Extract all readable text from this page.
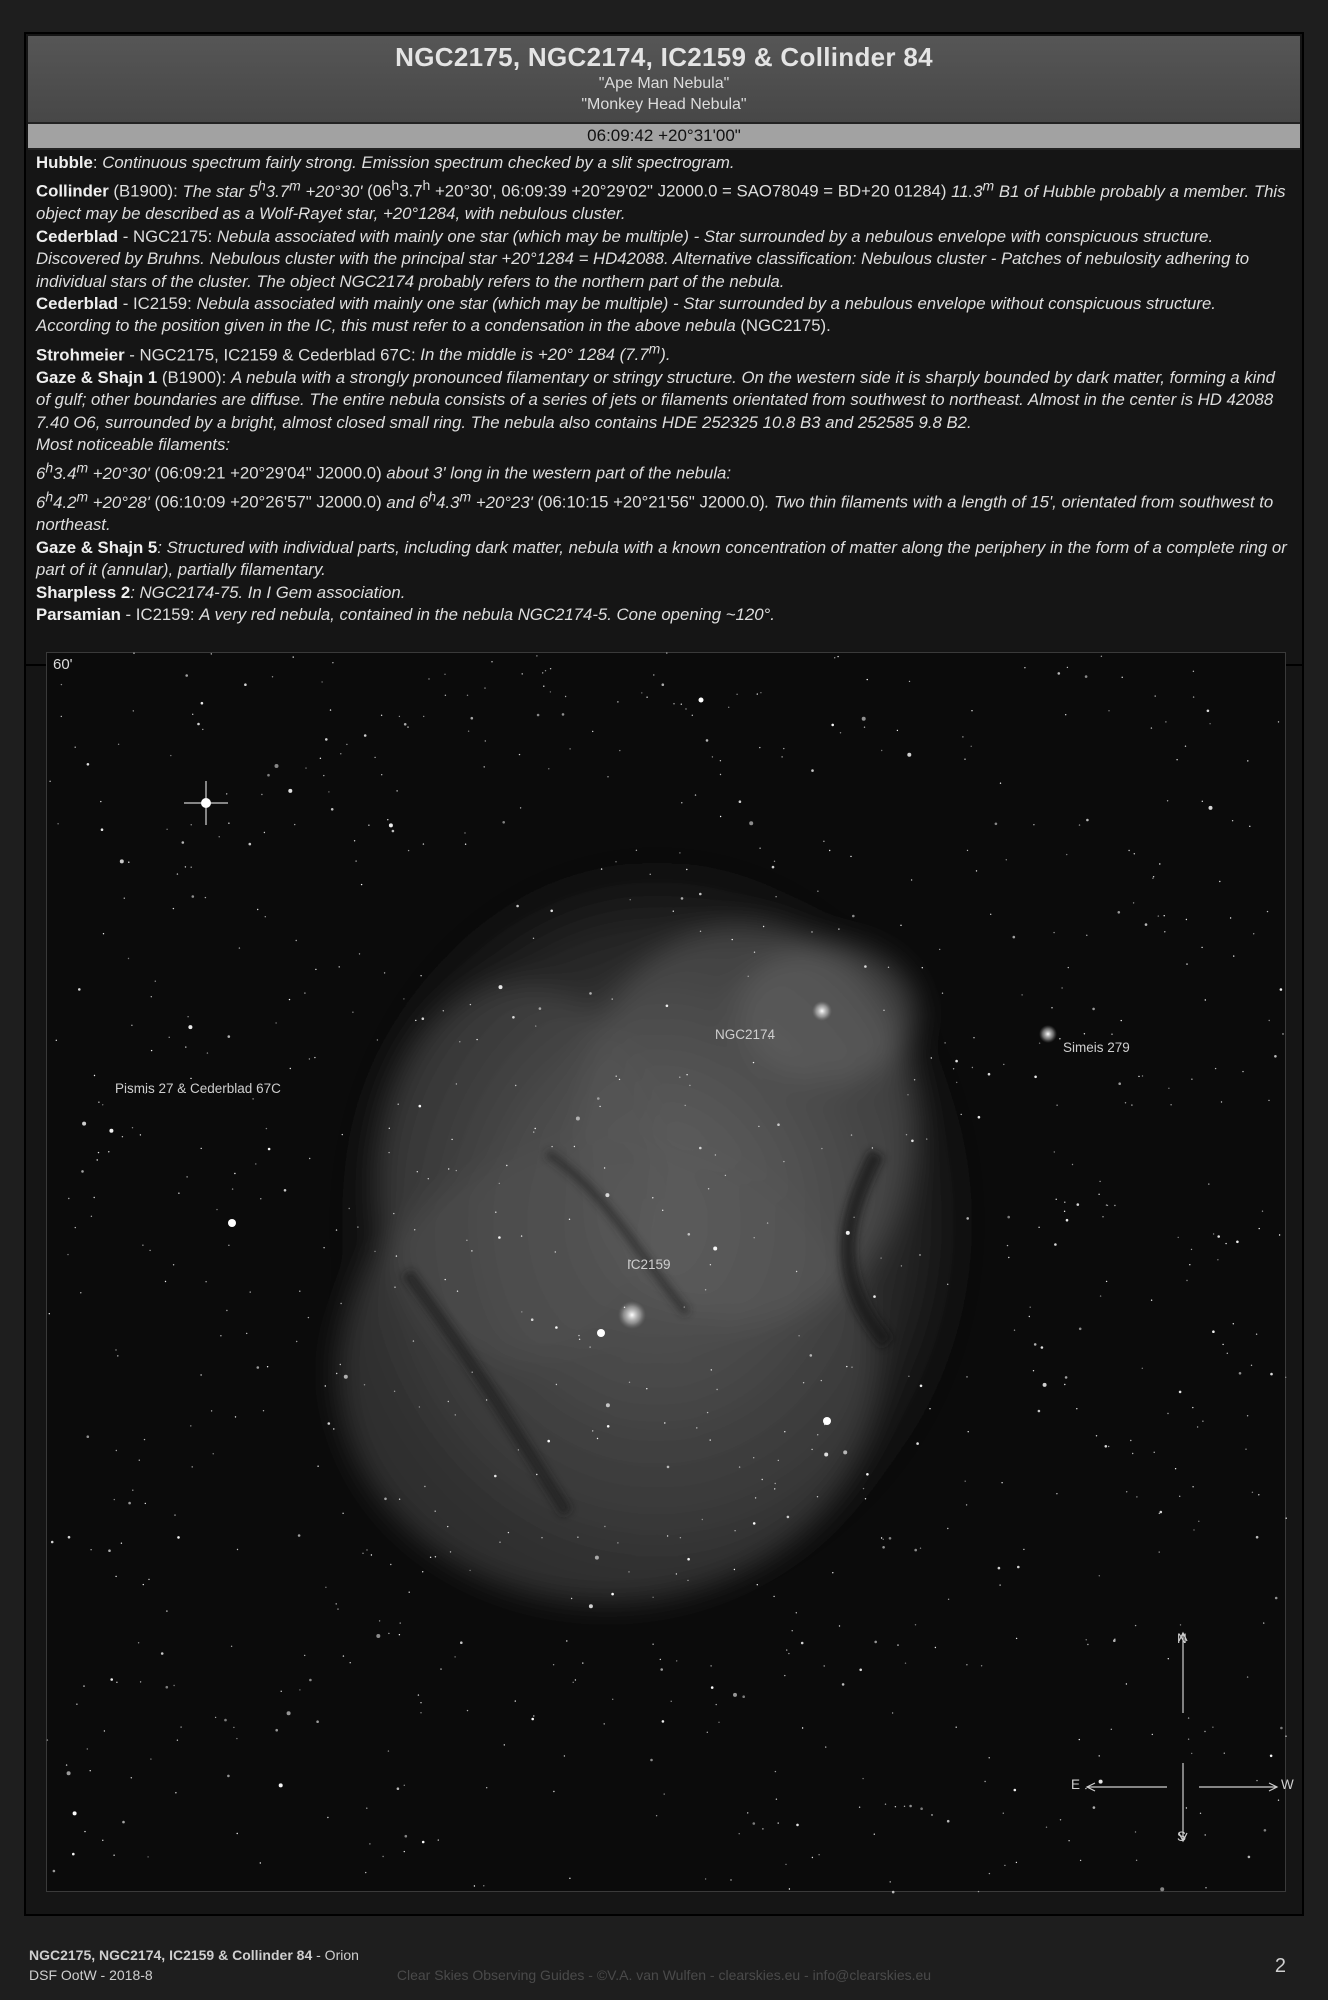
NGC2175, NGC2174, IC2159 & Collinder 84
"Ape Man Nebula"
"Monkey Head Nebula"
06:09:42 +20°31'00"

Hubble: Continuous spectrum fairly strong. Emission spectrum checked by a slit spectrogram.

Collinder (B1900): The star $5^h3.7^m +20^\circ 30'$ ($06^h3.7^h +20^\circ 30'$, 06:09:39 +20°29'02" J2000.0 = SAO78049 = BD+20 01284) 11.3$^m$ B1 of Hubble probably a member. This object may be described as a Wolf-Rayet star, +20°1284, with nebulous cluster.

Cederblad - NGC2175: Nebula associated with mainly one star (which may be multiple) - Star surrounded by a nebulous envelope with conspicuous structure. Discovered by Bruhns. Nebulous cluster with the principal star +20°1284 = HD42088. Alternative classification: Nebulous cluster - Patches of nebulosity adhering to individual stars of the cluster. The object NGC2174 probably refers to the northern part of the nebula.

Cederblad - IC2159: Nebula associated with mainly one star (which may be multiple) - Star surrounded by a nebulous envelope without conspicuous structure. According to the position given in the IC, this must refer to a condensation in the above nebula (NGC2175).

Strohmeier - NGC2175, IC2159 & Cederblad 67C: In the middle is +20° 1284 (7.7$^m$).

Gaze & Shajn 1 (B1900): A nebula with a strongly pronounced filamentary or stringy structure. On the western side it is sharply bounded by dark matter, forming a kind of gulf; other boundaries are diffuse. The entire nebula consists of a series of jets or filaments orientated from southwest to northeast. Almost in the center is HD 42088 7.40 O6, surrounded by a bright, almost closed small ring. The nebula also contains HDE 252325 10.8 B3 and 252585 9.8 B2.

Most noticeable filaments:

$6^h3.4^m +20^\circ 30'$ (06:09:21 +20°29'04" J2000.0) about 3' long in the western part of the nebula:

$6^h4.2^m +20^\circ 28'$ (06:10:09 +20°26'57" J2000.0) and $6^h4.3^m +20^\circ 23'$ (06:10:15 +20°21'56" J2000.0). Two thin filaments with a length of 15', orientated from southwest to northeast.

Gaze & Shajn 5: Structured with individual parts, including dark matter, nebula with a known concentration of matter along the periphery in the form of a complete ring or part of it (annular), partially filamentary.

Sharpless 2: NGC2174-75. In I Gem association.

Parsamian - IC2159: A very red nebula, contained in the nebula NGC2174-5. Cone opening ~120°.

60'
NGC2174
Simeis 279
Pismis 27 & Cederblad 67C
IC2159
N
S
E	W
NGC2175, NGC2174, IC2159 & Collinder 84 - Orion
DSF OotW - 2018-8	Clear Skies Observing Guides - ©V.A. van Wulfen - clearskies.eu - info@clearskies.eu	2
